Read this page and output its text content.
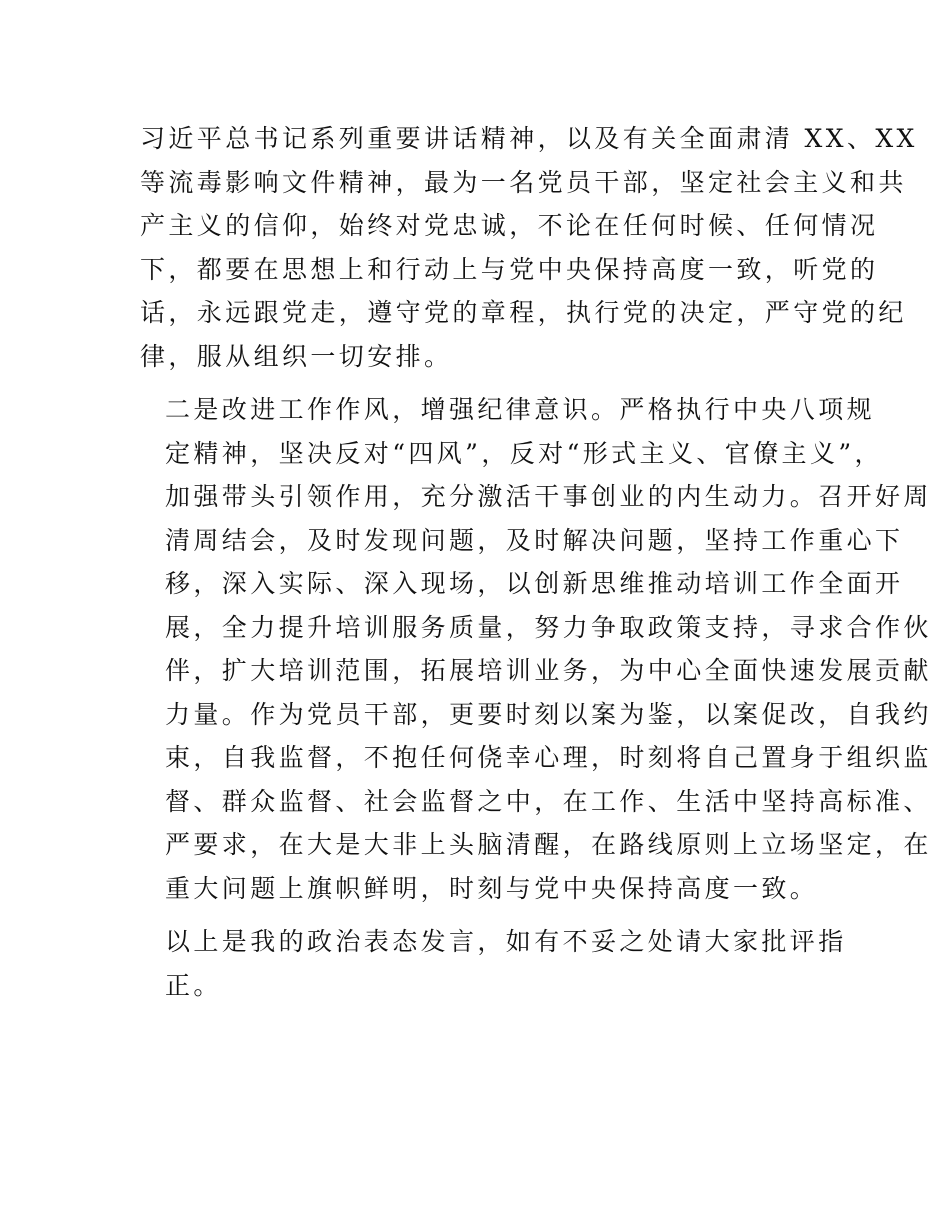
习近平总书记系列重要讲话精神，以及有关全面肃清 XX、XX
等流毒影响文件精神，最为一名党员干部，坚定社会主义和共
产主义的信仰，始终对党忠诚，不论在任何时候、任何情况
下，都要在思想上和行动上与党中央保持高度一致，听党的
话，永远跟党走，遵守党的章程，执行党的决定，严守党的纪
律，服从组织一切安排。

二是改进工作作风，增强纪律意识。严格执行中央八项规
定精神，坚决反对“四风”，反对“形式主义、官僚主义”，
加强带头引领作用，充分激活干事创业的内生动力。召开好周
清周结会，及时发现问题，及时解决问题，坚持工作重心下
移，深入实际、深入现场，以创新思维推动培训工作全面开
展，全力提升培训服务质量，努力争取政策支持，寻求合作伙
伴，扩大培训范围，拓展培训业务，为中心全面快速发展贡献
力量。作为党员干部，更要时刻以案为鉴，以案促改，自我约
束，自我监督，不抱任何侥幸心理，时刻将自己置身于组织监
督、群众监督、社会监督之中，在工作、生活中坚持高标准、
严要求，在大是大非上头脑清醒，在路线原则上立场坚定，在
重大问题上旗帜鲜明，时刻与党中央保持高度一致。

以上是我的政治表态发言，如有不妥之处请大家批评指
正。
